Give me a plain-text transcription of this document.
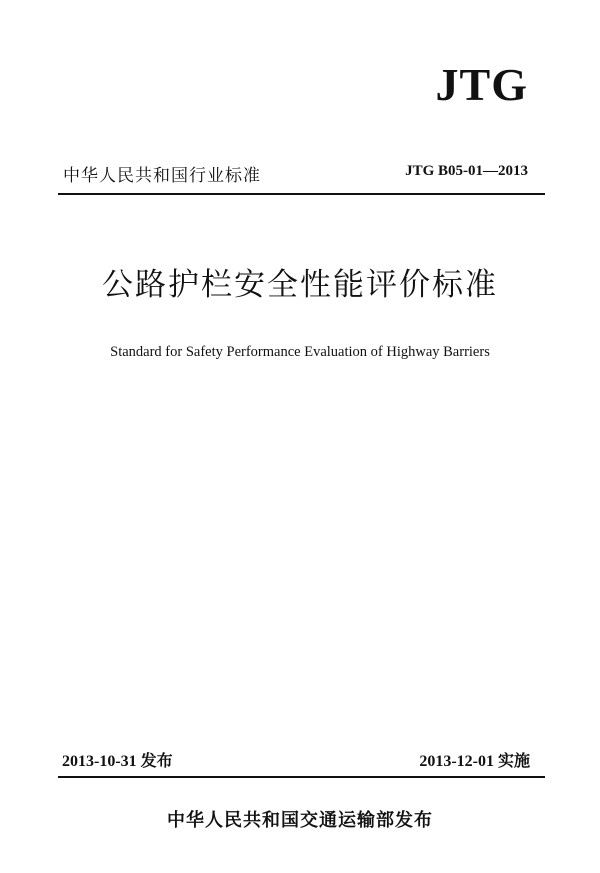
JTG
中华人民共和国行业标准	JTG B05-01—2013
公路护栏安全性能评价标准
Standard for Safety Performance Evaluation of Highway Barriers
2013-10-31 发布	2013-12-01 实施
中华人民共和国交通运输部发布
